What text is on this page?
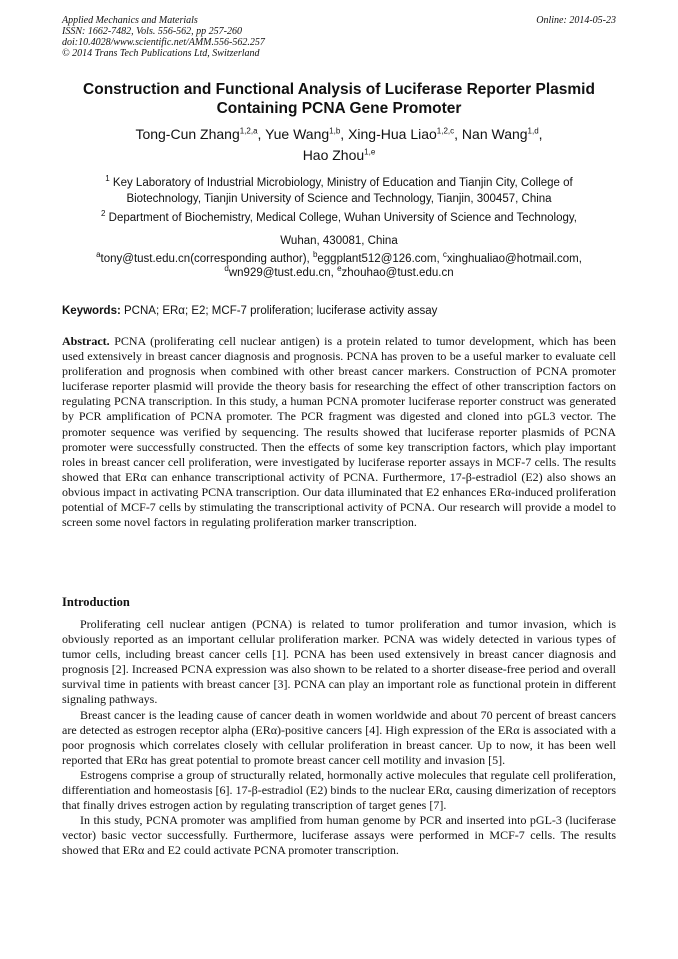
Applied Mechanics and Materials
ISSN: 1662-7482, Vols. 556-562, pp 257-260
doi:10.4028/www.scientific.net/AMM.556-562.257
© 2014 Trans Tech Publications Ltd, Switzerland
Online: 2014-05-23
Construction and Functional Analysis of Luciferase Reporter Plasmid
Containing PCNA Gene Promoter
Tong-Cun Zhang$^{1,2,a}$, Yue Wang$^{1,b}$, Xing-Hua Liao$^{1,2,c}$, Nan Wang$^{1,d}$,
Hao Zhou$^{1,e}$
$^1$ Key Laboratory of Industrial Microbiology, Ministry of Education and Tianjin City, College of
Biotechnology, Tianjin University of Science and Technology, Tianjin, 300457, China
$^2$ Department of Biochemistry, Medical College, Wuhan University of Science and Technology,
Wuhan, 430081, China
$^a$tony@tust.edu.cn(corresponding author), $^b$eggplant512@126.com, $^c$xinghualiao@hotmail.com,
$^d$wn929@tust.edu.cn, $^e$zhouhao@tust.edu.cn
Keywords: PCNA; ERα; E2; MCF-7 proliferation; luciferase activity assay
Abstract. PCNA (proliferating cell nuclear antigen) is a protein related to tumor development, which has been used extensively in breast cancer diagnosis and prognosis. PCNA has proven to be a useful marker to evaluate cell proliferation and prognosis when combined with other breast cancer markers. Construction of PCNA promoter luciferase reporter plasmid will provide the theory basis for researching the effect of other transcription factors on regulating PCNA transcription. In this study, a human PCNA promoter luciferase reporter construct was generated by PCR amplification of PCNA promoter. The PCR fragment was digested and cloned into pGL3 vector. The promoter sequence was verified by sequencing. The results showed that luciferase reporter plasmids of PCNA promoter were successfully constructed. Then the effects of some key transcription factors, which play important roles in breast cancer cell proliferation, were investigated by luciferase reporter assays in MCF-7 cells. The results showed that ERα can enhance transcriptional activity of PCNA. Furthermore, 17-β-estradiol (E2) also shows an obvious impact in activating PCNA transcription. Our data illuminated that E2 enhances ERα-induced proliferation potential of MCF-7 cells by stimulating the transcriptional activity of PCNA. Our research will provide a model to screen some novel factors in regulating proliferation marker transcription.
Introduction

Proliferating cell nuclear antigen (PCNA) is related to tumor proliferation and tumor invasion, which is obviously reported as an important cellular proliferation marker. PCNA was widely detected in various types of tumor cells, including breast cancer cells [1]. PCNA has been used extensively in breast cancer diagnosis and prognosis [2]. Increased PCNA expression was also shown to be related to a shorter disease-free period and overall survival time in patients with breast cancer [3]. PCNA can play an important role as functional protein in different signaling pathways.

Breast cancer is the leading cause of cancer death in women worldwide and about 70 percent of breast cancers are detected as estrogen receptor alpha (ERα)-positive cancers [4]. High expression of the ERα is associated with a poor prognosis which correlates closely with cellular proliferation in breast cancer. Up to now, it has been well reported that ERα has great potential to promote breast cancer cell motility and invasion [5].

Estrogens comprise a group of structurally related, hormonally active molecules that regulate cell proliferation, differentiation and homeostasis [6]. 17-β-estradiol (E2) binds to the nuclear ERα, causing dimerization of receptors that finally drives estrogen action by regulating transcription of target genes [7].

In this study, PCNA promoter was amplified from human genome by PCR and inserted into pGL-3 (luciferase vector) basic vector successfully. Furthermore, luciferase assays were performed in MCF-7 cells. The results showed that ERα and E2 could activate PCNA promoter transcription.
